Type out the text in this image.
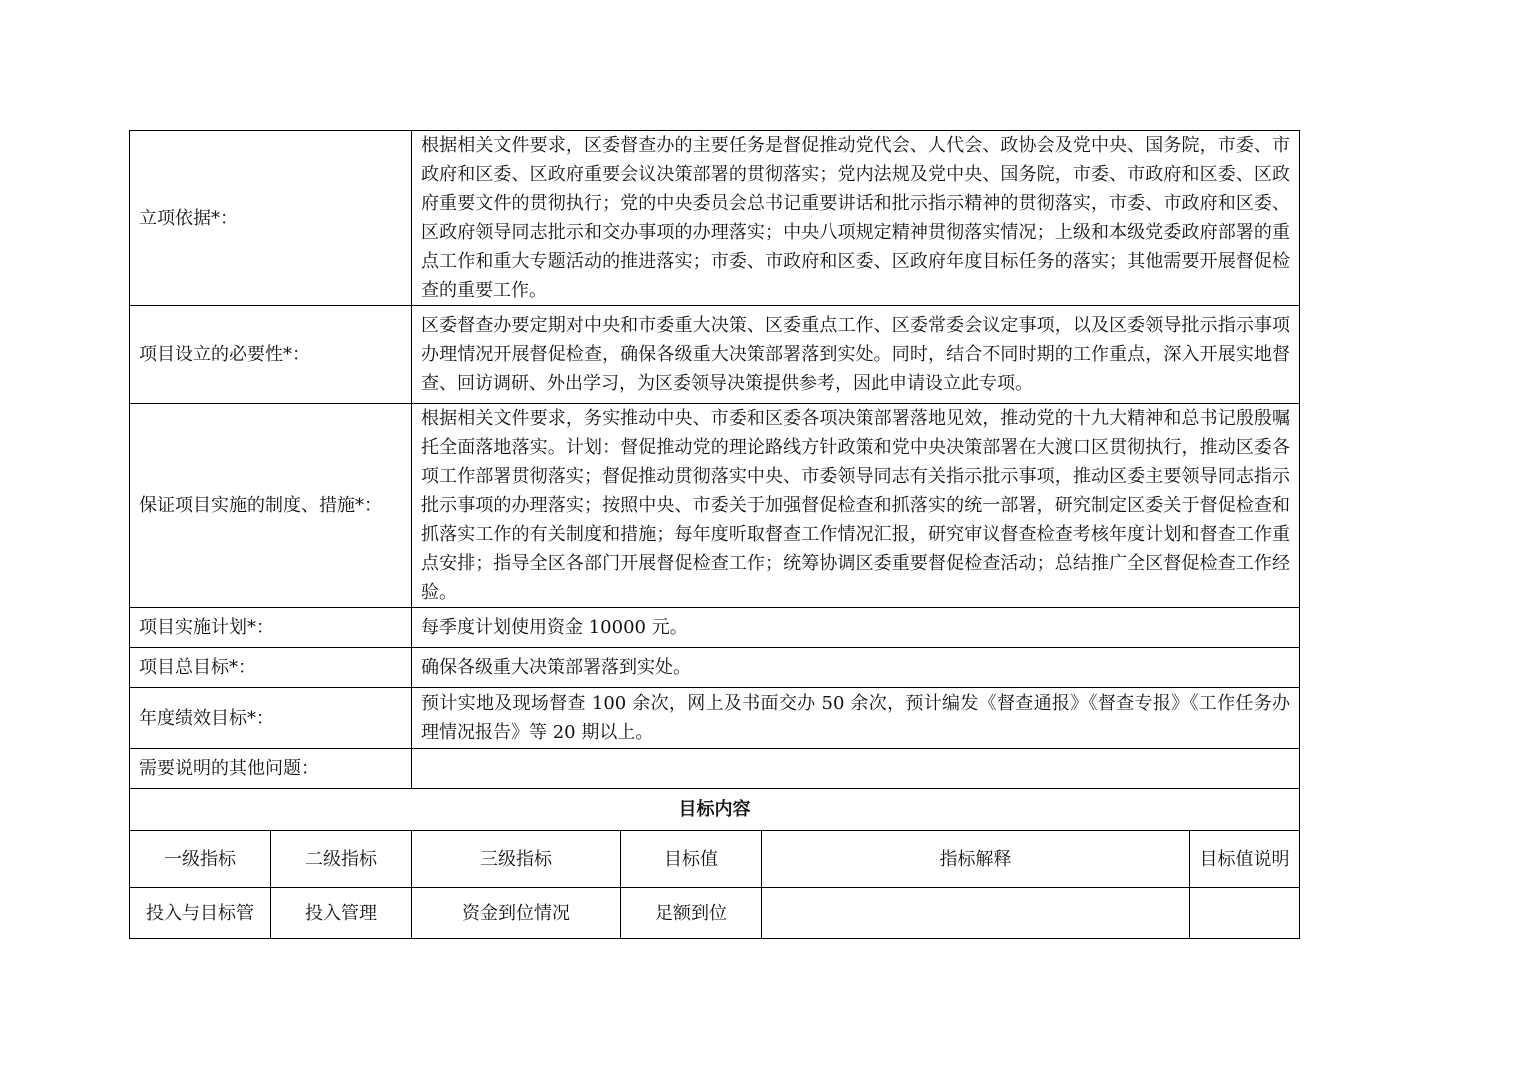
立项依据*：		根据相关文件要求，区委督查办的主要任务是督促推动党代会、人代会、政协会及党中央、国务院，市委、市政府和区委、区政府重要会议决策部署的贯彻落实；党内法规及党中央、国务院，市委、市政府和区委、区政府重要文件的贯彻执行；党的中央委员会总书记重要讲话和批示指示精神的贯彻落实，市委、市政府和区委、区政府领导同志批示和交办事项的办理落实；中央八项规定精神贯彻落实情况；上级和本级党委政府部署的重点工作和重大专题活动的推进落实；市委、市政府和区委、区政府年度目标任务的落实；其他需要开展督促检查的重要工作。			
项目设立的必要性*：		区委督查办要定期对中央和市委重大决策、区委重点工作、区委常委会议定事项，以及区委领导批示指示事项办理情况开展督促检查，确保各级重大决策部署落到实处。同时，结合不同时期的工作重点，深入开展实地督查、回访调研、外出学习，为区委领导决策提供参考，因此申请设立此专项。			
保证项目实施的制度、措施*：		根据相关文件要求，务实推动中央、市委和区委各项决策部署落地见效，推动党的十九大精神和总书记殷殷嘱托全面落地落实。计划：督促推动党的理论路线方针政策和党中央决策部署在大渡口区贯彻执行，推动区委各项工作部署贯彻落实；督促推动贯彻落实中央、市委领导同志有关指示批示事项，推动区委主要领导同志指示批示事项的办理落实；按照中央、市委关于加强督促检查和抓落实的统一部署，研究制定区委关于督促检查和抓落实工作的有关制度和措施；每年度听取督查工作情况汇报，研究审议督查检查考核年度计划和督查工作重点安排；指导全区各部门开展督促检查工作；统筹协调区委重要督促检查活动；总结推广全区督促检查工作经验。			
项目实施计划*：		每季度计划使用资金 10000 元。			
项目总目标*：		确保各级重大决策部署落到实处。			
年度绩效目标*：		预计实地及现场督查 100 余次，网上及书面交办 50 余次，预计编发《督查通报》《督查专报》《工作任务办理情况报告》等 20 期以上。			
需要说明的其他问题：					
目标内容					
一级指标	二级指标	三级指标	目标值	指标解释	目标值说明
投入与目标管	投入管理	资金到位情况	足额到位		
